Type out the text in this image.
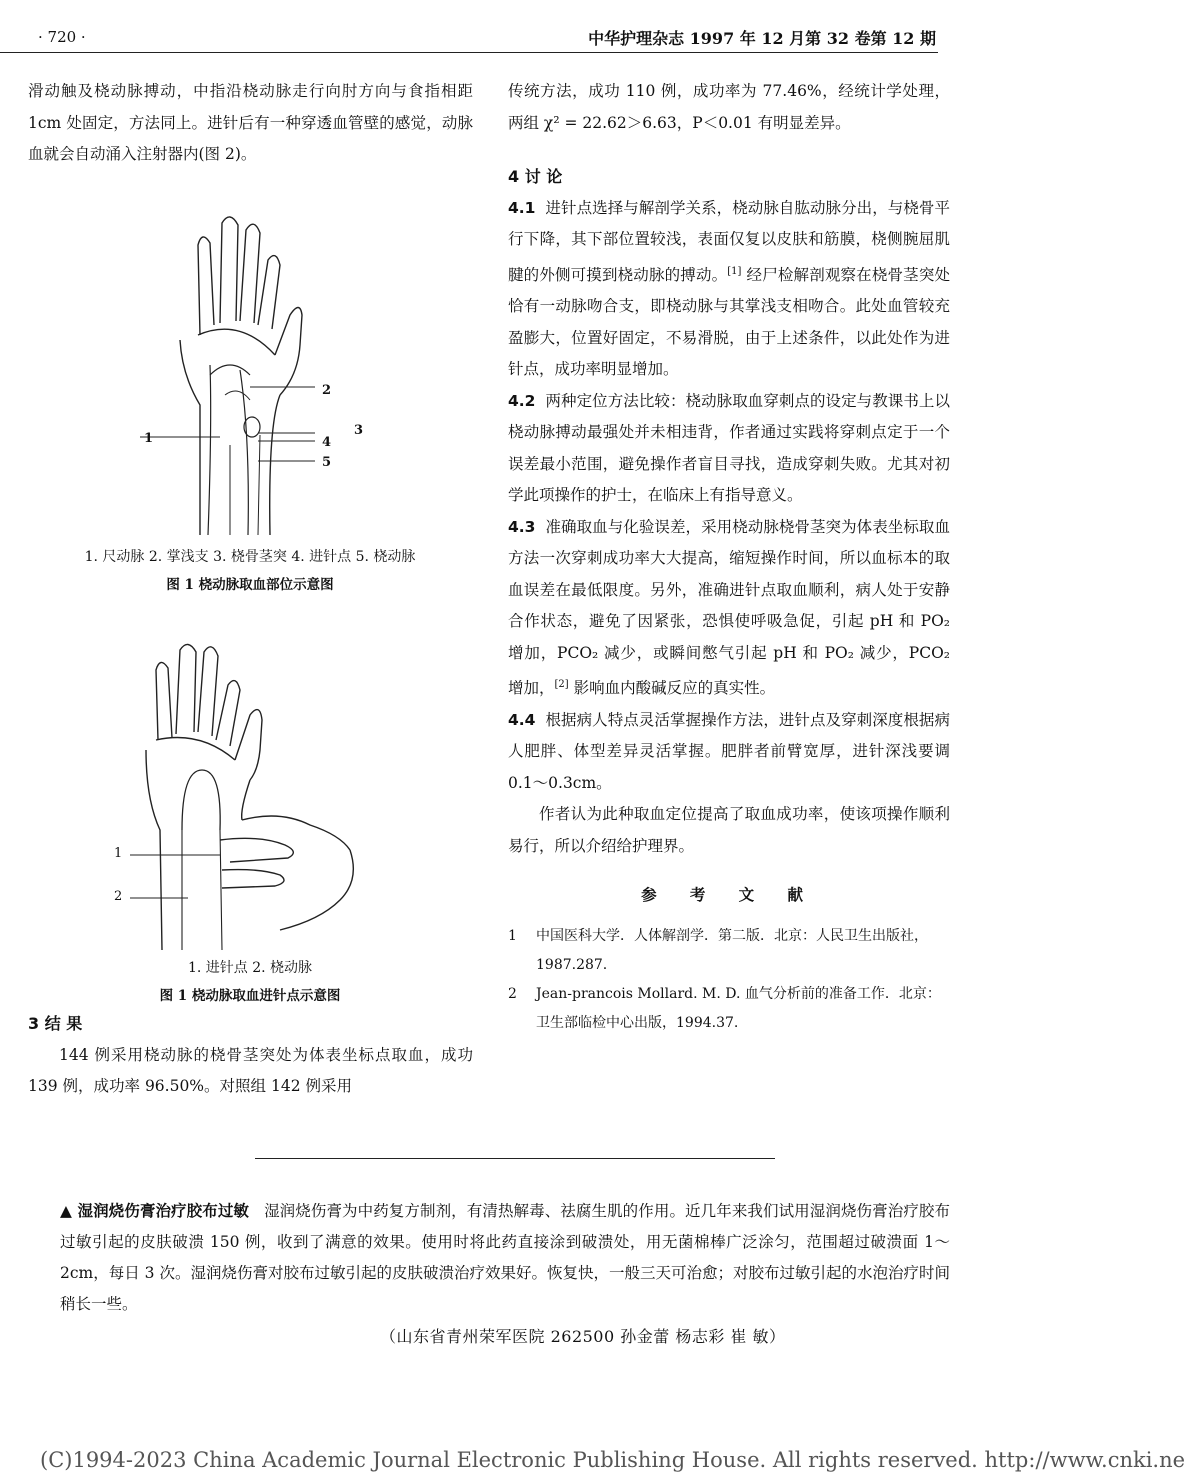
· 720 ·	中华护理杂志 1997 年 12 月第 32 卷第 12 期

滑动触及桡动脉搏动，中指沿桡动脉走行向肘方向与食指相距 1cm 处固定，方法同上。进针后有一种穿透血管壁的感觉，动脉血就会自动涌入注射器内(图 2)。

1
2
3
4
5
1. 尺动脉 2. 掌浅支 3. 桡骨茎突 4. 进针点 5. 桡动脉
图 1 桡动脉取血部位示意图
1
2
1. 进针点 2. 桡动脉
图 1 桡动脉取血进针点示意图

3 结 果

144 例采用桡动脉的桡骨茎突处为体表坐标点取血，成功 139 例，成功率 96.50%。对照组 142 例采用

传统方法，成功 110 例，成功率为 77.46%，经统计学处理，两组 χ² = 22.62＞6.63，P＜0.01 有明显差异。

4 讨 论

4.1 进针点选择与解剖学关系，桡动脉自肱动脉分出，与桡骨平行下降，其下部位置较浅，表面仅复以皮肤和筋膜，桡侧腕屈肌腱的外侧可摸到桡动脉的搏动。[1] 经尸检解剖观察在桡骨茎突处恰有一动脉吻合支，即桡动脉与其掌浅支相吻合。此处血管较充盈膨大，位置好固定，不易滑脱，由于上述条件，以此处作为进针点，成功率明显增加。

4.2 两种定位方法比较：桡动脉取血穿刺点的设定与教课书上以桡动脉搏动最强处并未相违背，作者通过实践将穿刺点定于一个误差最小范围，避免操作者盲目寻找，造成穿刺失败。尤其对初学此项操作的护士，在临床上有指导意义。

4.3 准确取血与化验误差，采用桡动脉桡骨茎突为体表坐标取血方法一次穿刺成功率大大提高，缩短操作时间，所以血标本的取血误差在最低限度。另外，准确进针点取血顺利，病人处于安静合作状态，避免了因紧张，恐惧使呼吸急促，引起 pH 和 PO₂ 增加，PCO₂ 减少，或瞬间憋气引起 pH 和 PO₂ 减少，PCO₂ 增加，[2] 影响血内酸碱反应的真实性。

4.4 根据病人特点灵活掌握操作方法，进针点及穿刺深度根据病人肥胖、体型差异灵活掌握。肥胖者前臂宽厚，进针深浅要调 0.1～0.3cm。

作者认为此种取血定位提高了取血成功率，使该项操作顺利易行，所以介绍给护理界。

参 考 文 献
1	中国医科大学．人体解剖学．第二版．北京：人民卫生出版社，1987.287.
2	Jean-prancois Mollard. M. D. 血气分析前的准备工作．北京：卫生部临检中心出版，1994.37.
▲ 湿润烧伤膏治疗胶布过敏 湿润烧伤膏为中药复方制剂，有清热解毒、祛腐生肌的作用。近几年来我们试用湿润烧伤膏治疗胶布过敏引起的皮肤破溃 150 例，收到了满意的效果。使用时将此药直接涂到破溃处，用无菌棉棒广泛涂匀，范围超过破溃面 1～2cm，每日 3 次。湿润烧伤膏对胶布过敏引起的皮肤破溃治疗效果好。恢复快，一般三天可治愈；对胶布过敏引起的水泡治疗时间稍长一些。
（山东省青州荣军医院 262500 孙金蕾 杨志彩 崔 敏）
(C)1994-2023 China Academic Journal Electronic Publishing House. All rights reserved. http://www.cnki.ne
